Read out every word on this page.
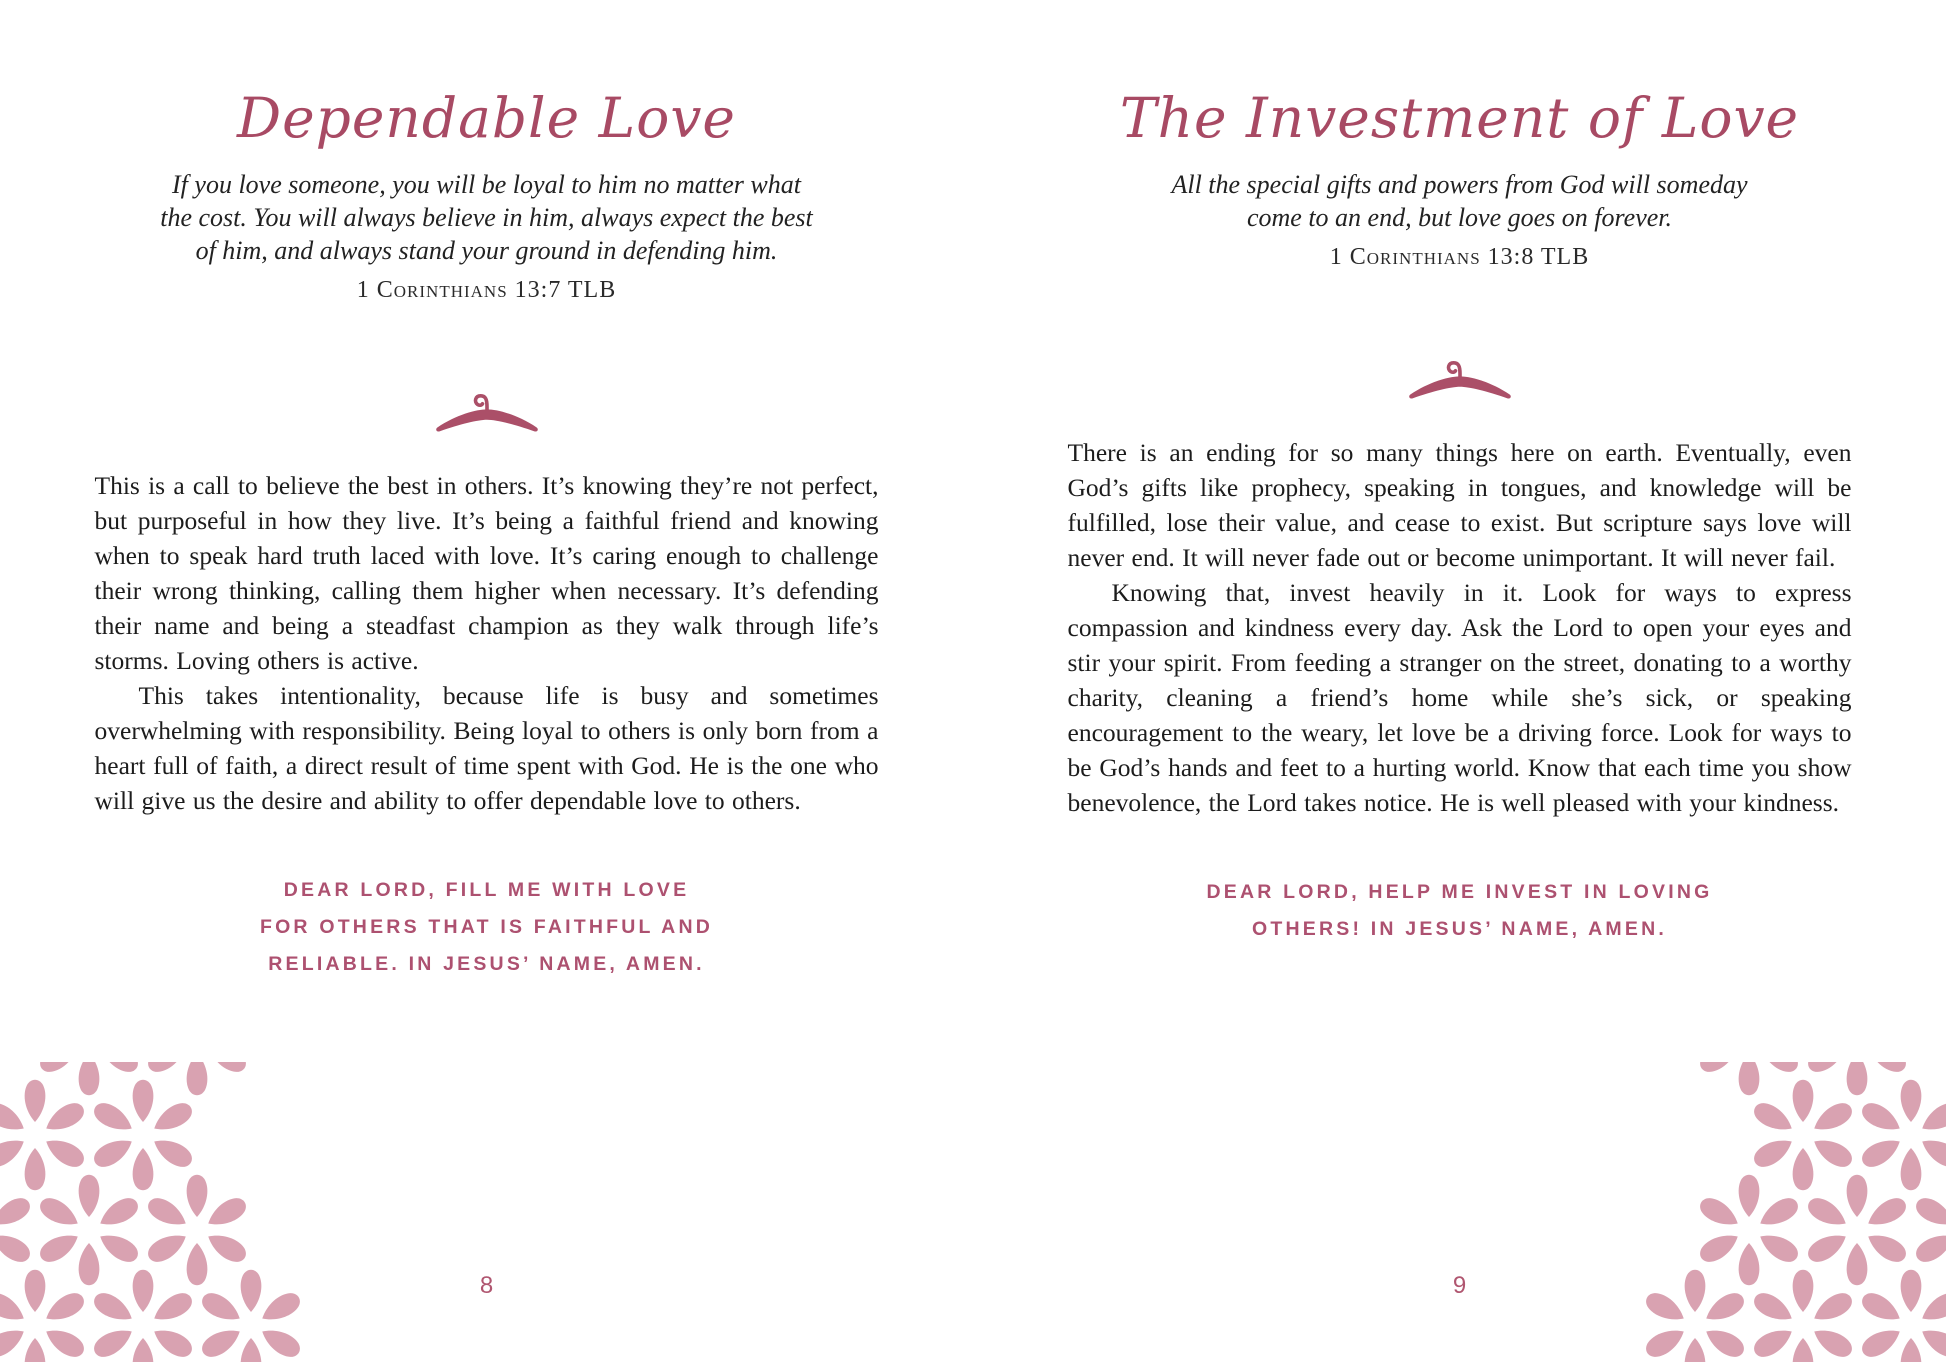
Dependable Love
If you love someone, you will be loyal to him no matter what
the cost. You will always believe in him, always expect the best
of him, and always stand your ground in defending him.
1 Corinthians 13:7 TLB

This is a call to believe the best in others. It’s knowing they’re not perfect, but purposeful in how they live. It’s being a faithful friend and knowing when to speak hard truth laced with love. It’s caring enough to challenge their wrong thinking, calling them higher when necessary. It’s defending their name and being a steadfast champion as they walk through life’s storms. Loving others is active.

This takes intentionality, because life is busy and sometimes overwhelming with responsibility. Being loyal to others is only born from a heart full of faith, a direct result of time spent with God. He is the one who will give us the desire and ability to offer dependable love to others.

DEAR LORD, FILL ME WITH LOVE
FOR OTHERS THAT IS FAITHFUL AND
RELIABLE. IN JESUS’ NAME, AMEN.
8
The Investment of Love
All the special gifts and powers from God will someday
come to an end, but love goes on forever.
1 Corinthians 13:8 TLB

There is an ending for so many things here on earth. Eventually, even God’s gifts like prophecy, speaking in tongues, and knowledge will be fulfilled, lose their value, and cease to exist. But scripture says love will never end. It will never fade out or become unimportant. It will never fail.

Knowing that, invest heavily in it. Look for ways to express compassion and kindness every day. Ask the Lord to open your eyes and stir your spirit. From feeding a stranger on the street, donating to a worthy charity, cleaning a friend’s home while she’s sick, or speaking encouragement to the weary, let love be a driving force. Look for ways to be God’s hands and feet to a hurting world. Know that each time you show benevolence, the Lord takes notice. He is well pleased with your kindness.

DEAR LORD, HELP ME INVEST IN LOVING
OTHERS! IN JESUS’ NAME, AMEN.
9
